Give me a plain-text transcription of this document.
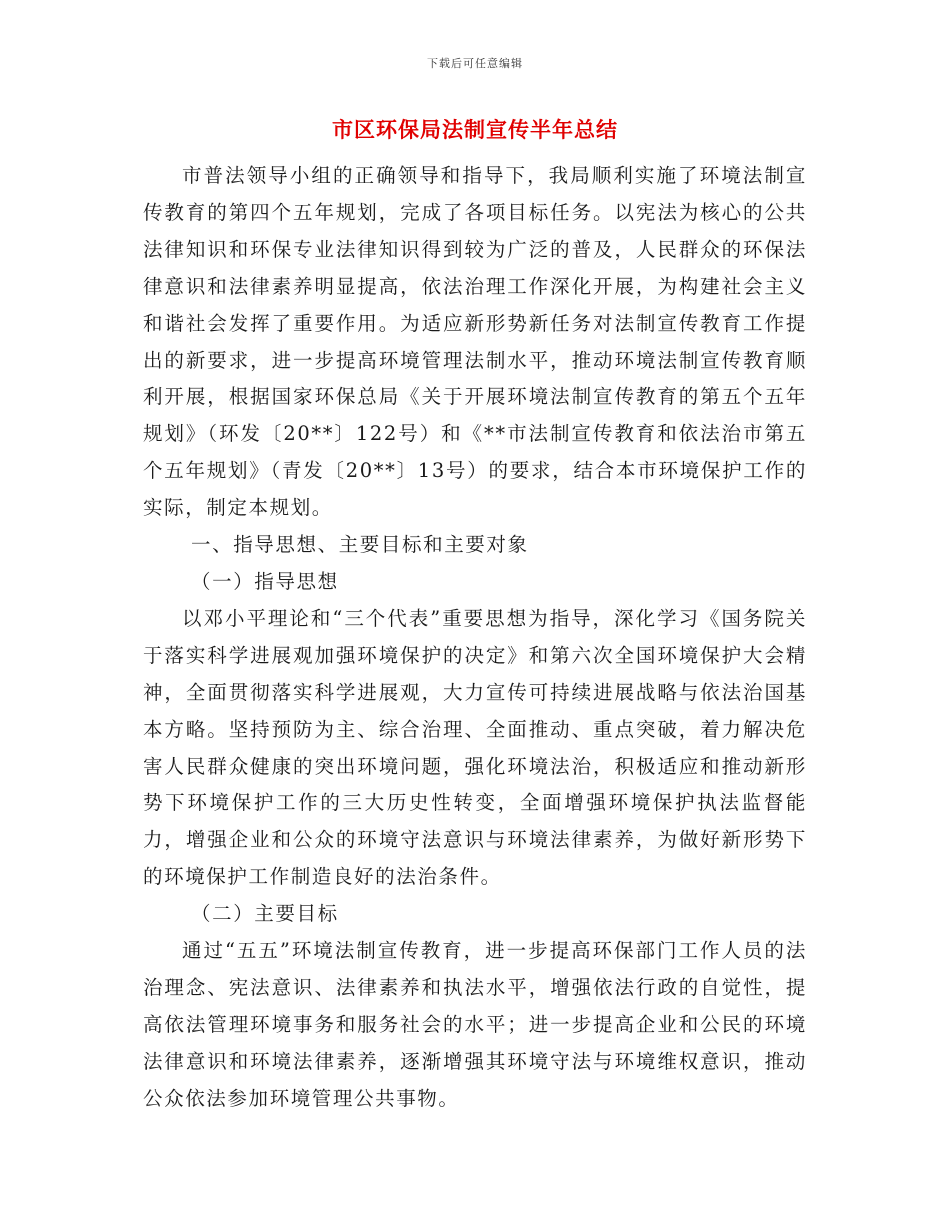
下载后可任意编辑
市区环保局法制宣传半年总结

市普法领导小组的正确领导和指导下，我局顺利实施了环境法制宣传教育的第四个五年规划，完成了各项目标任务。以宪法为核心的公共法律知识和环保专业法律知识得到较为广泛的普及，人民群众的环保法律意识和法律素养明显提高，依法治理工作深化开展，为构建社会主义和谐社会发挥了重要作用。为适应新形势新任务对法制宣传教育工作提出的新要求，进一步提高环境管理法制水平，推动环境法制宣传教育顺利开展，根据国家环保总局《关于开展环境法制宣传教育的第五个五年规划》（环发〔20**〕122号）和《**市法制宣传教育和依法治市第五个五年规划》（青发〔20**〕13号）的要求，结合本市环境保护工作的实际，制定本规划。

一、指导思想、主要目标和主要对象

（一）指导思想

以邓小平理论和“三个代表”重要思想为指导，深化学习《国务院关于落实科学进展观加强环境保护的决定》和第六次全国环境保护大会精神，全面贯彻落实科学进展观，大力宣传可持续进展战略与依法治国基本方略。坚持预防为主、综合治理、全面推动、重点突破，着力解决危害人民群众健康的突出环境问题，强化环境法治，积极适应和推动新形势下环境保护工作的三大历史性转变，全面增强环境保护执法监督能力，增强企业和公众的环境守法意识与环境法律素养，为做好新形势下的环境保护工作制造良好的法治条件。

（二）主要目标

通过“五五”环境法制宣传教育，进一步提高环保部门工作人员的法治理念、宪法意识、法律素养和执法水平，增强依法行政的自觉性，提高依法管理环境事务和服务社会的水平；进一步提高企业和公民的环境法律意识和环境法律素养，逐渐增强其环境守法与环境维权意识，推动公众依法参加环境管理公共事物。
